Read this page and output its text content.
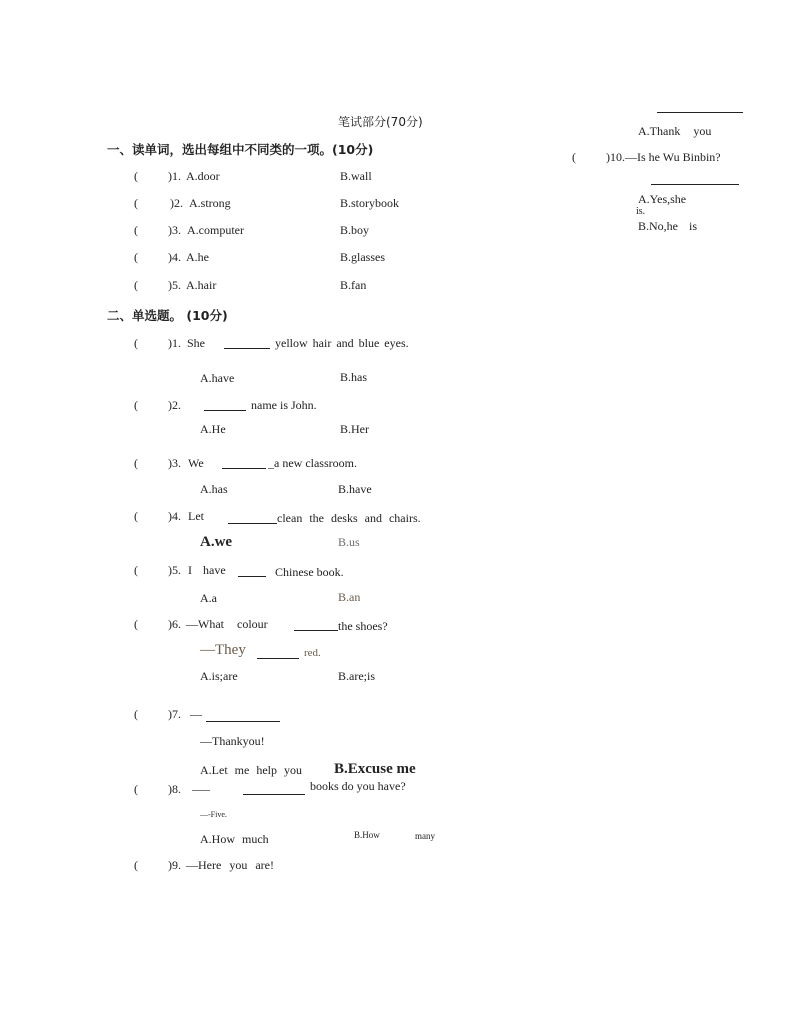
笔试部分(70分)
一、读单词，选出每组中不同类的一项。(10分)
(	)1. A.door	B.wall
(	)2. A.strong	B.storybook
(	)3. A.computer	B.boy
(	)4. A.he	B.glasses
(	)5. A.hair	B.fan
二、单选题。 (10分)
(	)1. She	yellow hair and blue eyes.
A.have	B.has
(	)2.	name is John.
A.He	B.Her
(	)3. We	_a new classroom.
A.has	B.have
(	)4. Let	clean the desks and chairs.
A.we	B.us
(	)5. I have	Chinese book.
A.a	B.an
(	)6. —What colour	the shoes?
—They	red.
A.is;are	B.are;is
(	)7. —
—Thankyou!
A.Let me help you B.Excuse me
(	)8. —–	books do you have?
—-Five.
A.How much	B.How	many
(	)9. —Here you are!
A.Thank you
(	)10. —Is he Wu Binbin?
A.Yes,she
is.
B.No,he is
